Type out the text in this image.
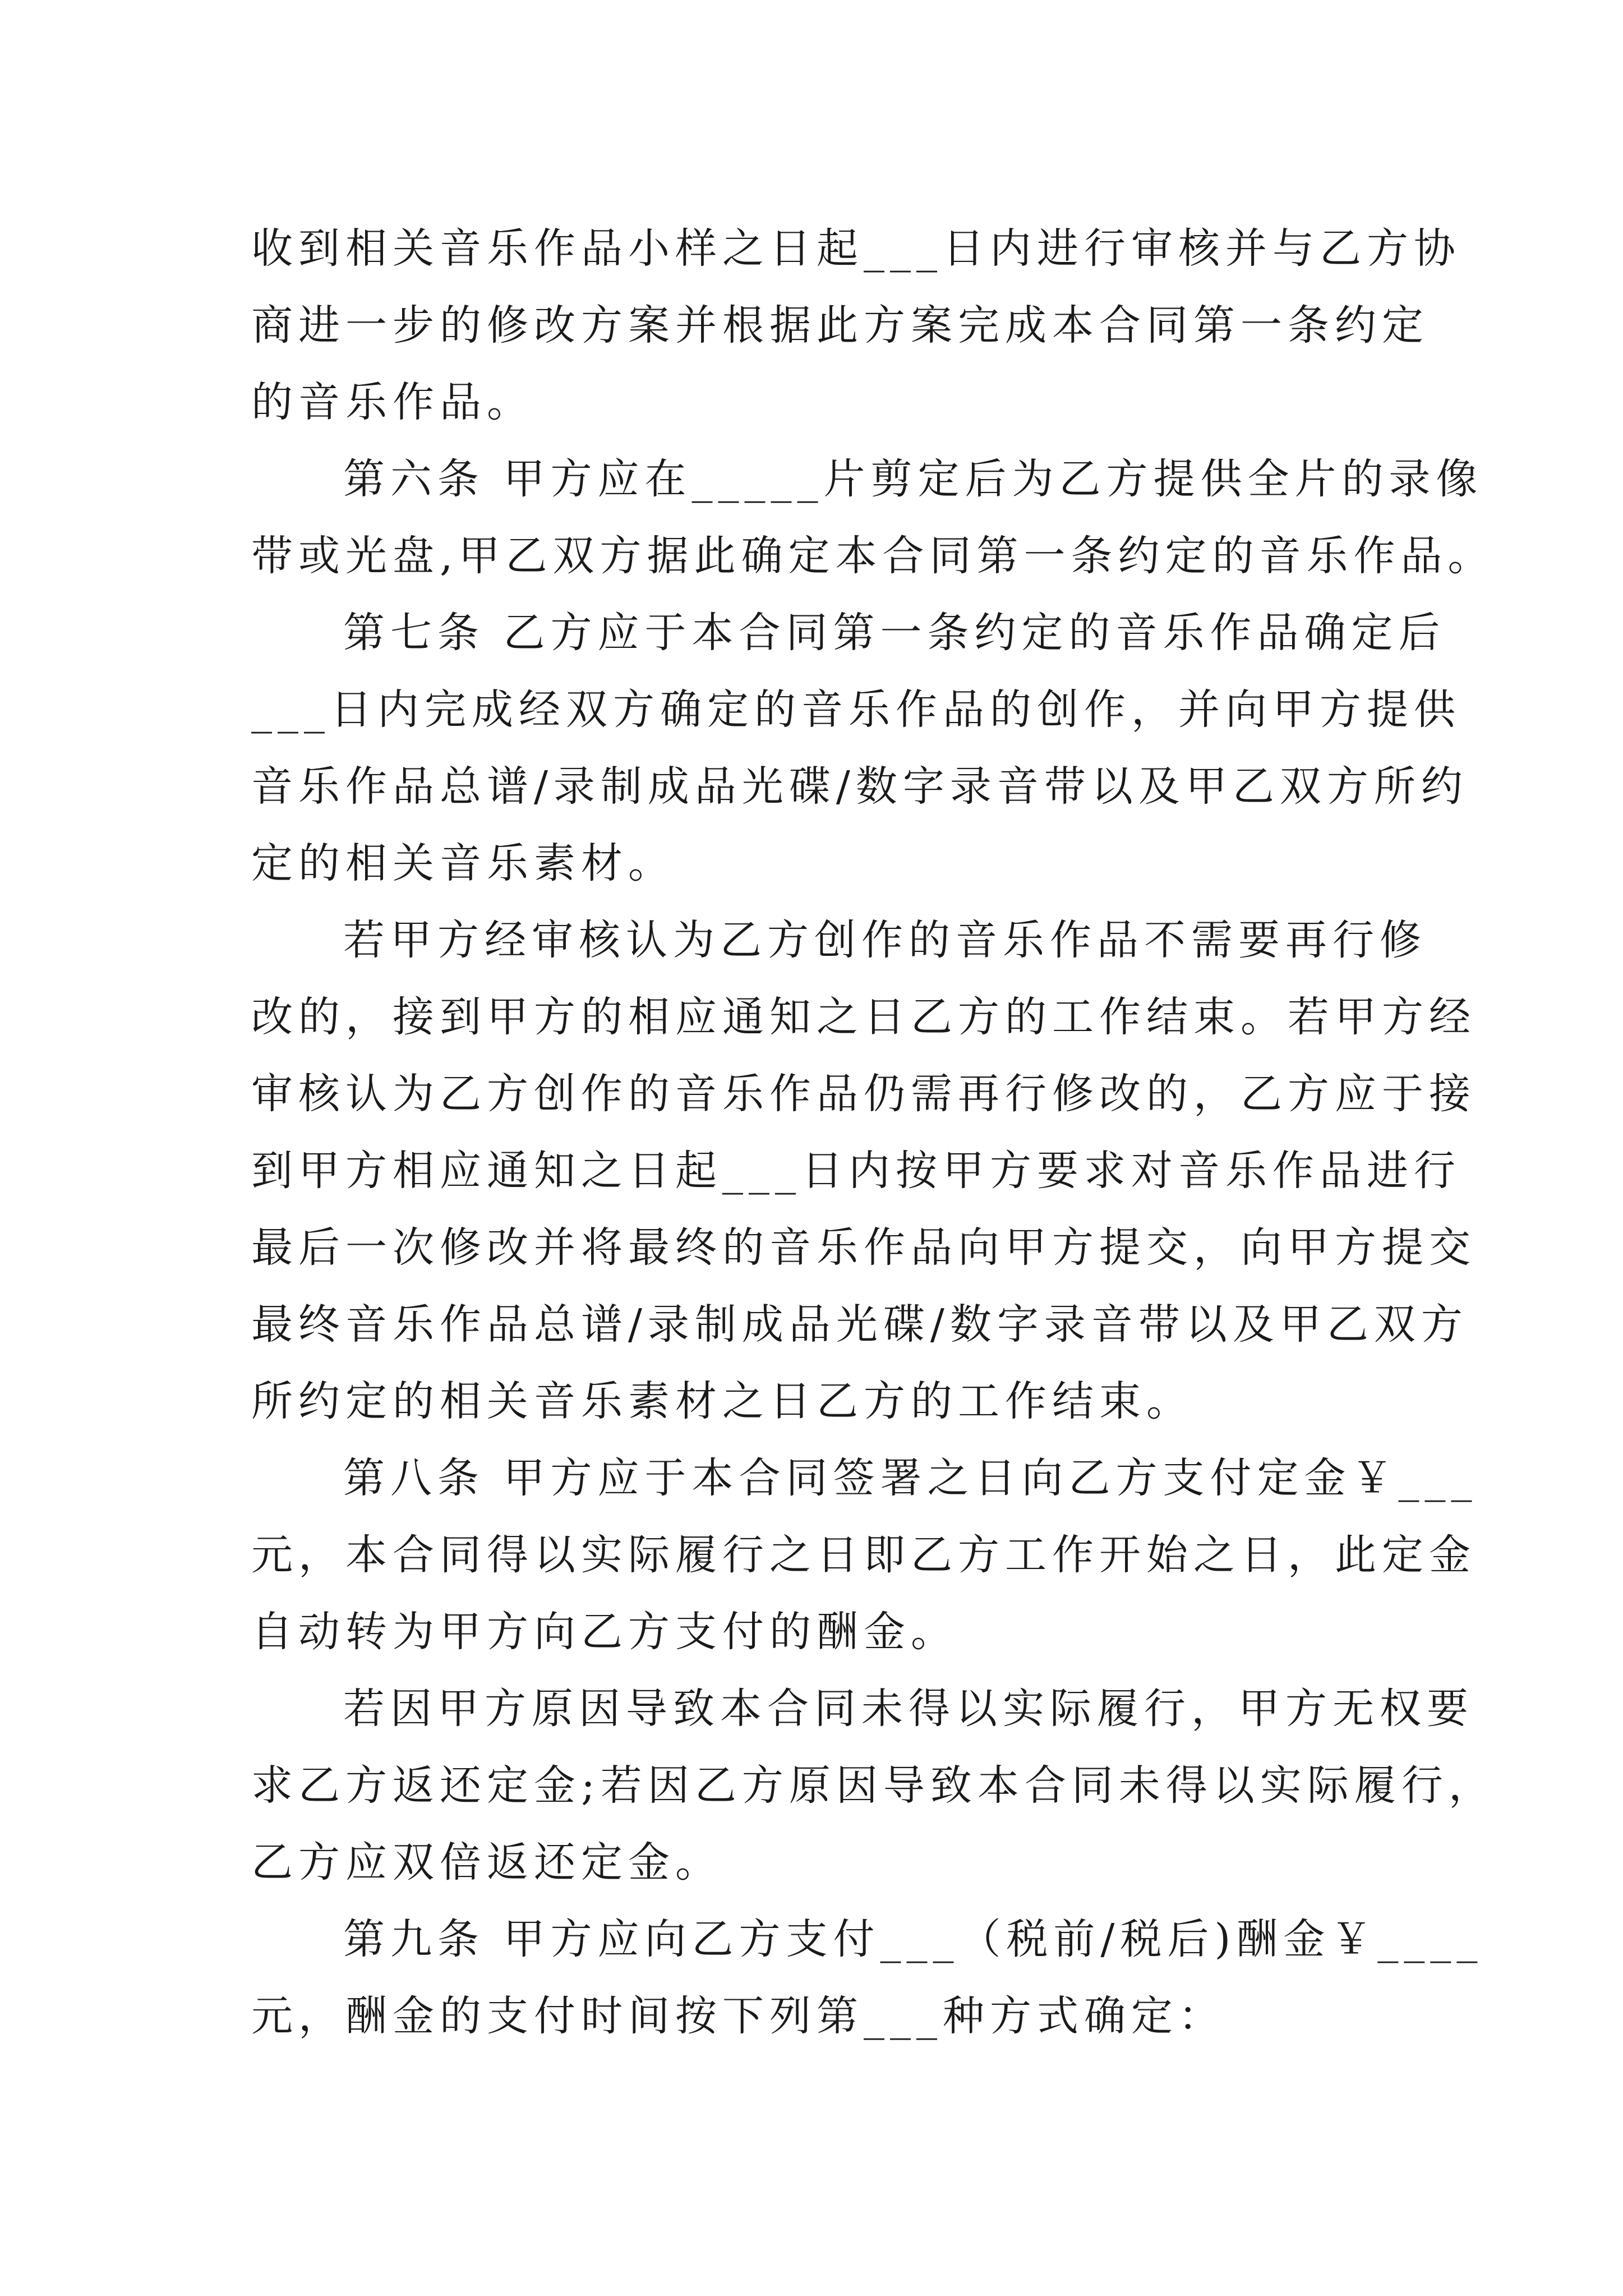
收到相关音乐作品小样之日起___日内进行审核并与乙方协
商进一步的修改方案并根据此方案完成本合同第一条约定
的音乐作品。

第六条 甲方应在_____片剪定后为乙方提供全片的录像
带或光盘,甲乙双方据此确定本合同第一条约定的音乐作品。

第七条 乙方应于本合同第一条约定的音乐作品确定后
___日内完成经双方确定的音乐作品的创作，并向甲方提供
音乐作品总谱/录制成品光碟/数字录音带以及甲乙双方所约
定的相关音乐素材。

若甲方经审核认为乙方创作的音乐作品不需要再行修
改的，接到甲方的相应通知之日乙方的工作结束。若甲方经
审核认为乙方创作的音乐作品仍需再行修改的，乙方应于接
到甲方相应通知之日起___日内按甲方要求对音乐作品进行
最后一次修改并将最终的音乐作品向甲方提交，向甲方提交
最终音乐作品总谱/录制成品光碟/数字录音带以及甲乙双方
所约定的相关音乐素材之日乙方的工作结束。

第八条 甲方应于本合同签署之日向乙方支付定金￥___
元，本合同得以实际履行之日即乙方工作开始之日，此定金
自动转为甲方向乙方支付的酬金。

若因甲方原因导致本合同未得以实际履行，甲方无权要
求乙方返还定金;若因乙方原因导致本合同未得以实际履行，
乙方应双倍返还定金。

第九条 甲方应向乙方支付___（税前/税后)酬金￥____
元，酬金的支付时间按下列第___种方式确定：
